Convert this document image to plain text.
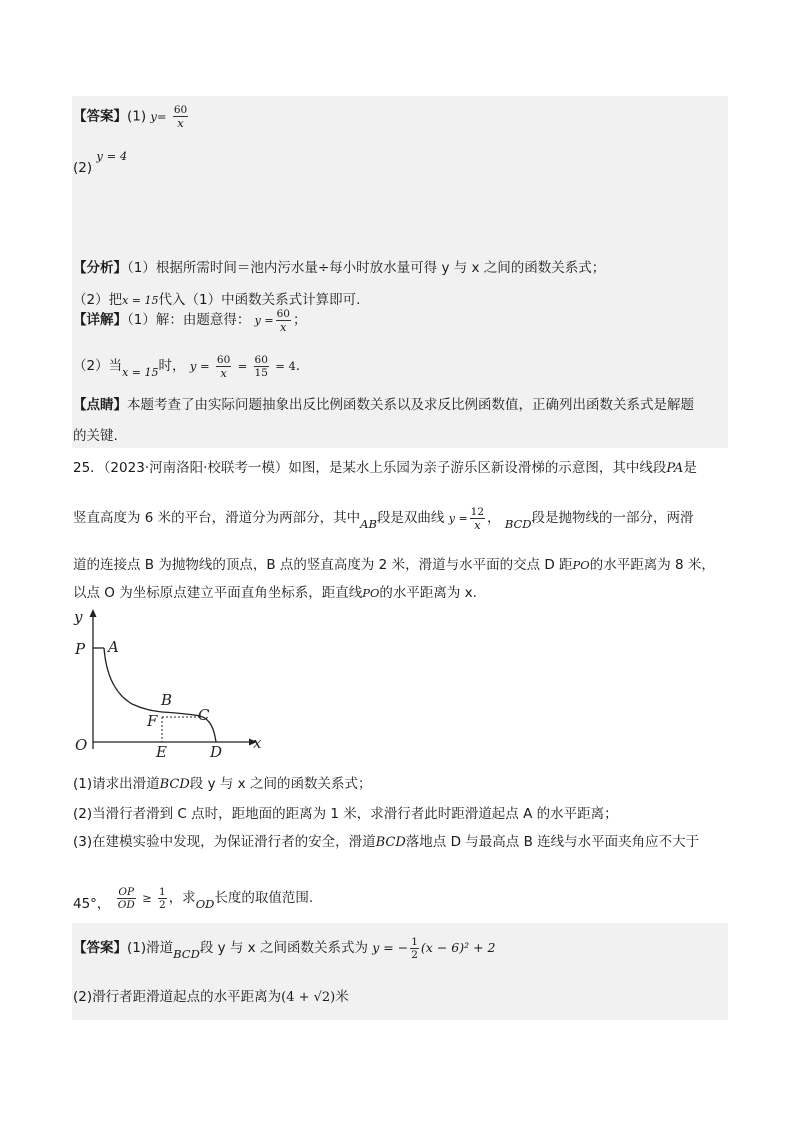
【答案】(1) $y= \frac{60}{x}$
(2) y = 4
【分析】（1）根据所需时间＝池内污水量÷每小时放水量可得 y 与 x 之间的函数关系式；
（2）把x = 15代入（1）中函数关系式计算即可.
【详解】（1）解：由题意得： $y = \frac{60}{x}$ ；
（2）当$_{x = 15}$时， $y = \frac{60}{x} = \frac{60}{15} = 4$.
【点睛】本题考查了由实际问题抽象出反比例函数关系以及求反比例函数值，正确列出函数关系式是解题
的关键.
25．（2023·河南洛阳·校联考一模）如图，是某水上乐园为亲子游乐区新设滑梯的示意图，其中线段PA是
竖直高度为 6 米的平台，滑道分为两部分，其中AB段是双曲线 $y = \frac{12}{x}$ ， BCD段是抛物线的一部分，两滑
道的连接点 B 为抛物线的顶点，B 点的竖直高度为 2 米，滑道与水平面的交点 D 距PO的水平距离为 8 米，
以点 O 为坐标原点建立平面直角坐标系，距直线PO的水平距离为 x.
y
P A
B
F	C
O	E	D x
(1)请求出滑道BCD段 y 与 x 之间的函数关系式；
(2)当滑行者滑到 C 点时，距地面的距离为 1 米，求滑行者此时距滑道起点 A 的水平距离；
(3)在建模实验中发现，为保证滑行者的安全，滑道BCD落地点 D 与最高点 B 连线与水平面夹角应不大于
45°， $\frac{OP}{OD} \ge \frac{1}{2}$ ，求OD长度的取值范围.
【答案】(1)滑道BCD段 y 与 x 之间函数关系式为 y = − $\frac{1}{2} (x - 6)^2 + 2$
(2)滑行者距滑道起点的水平距离为(4 + √2)米
